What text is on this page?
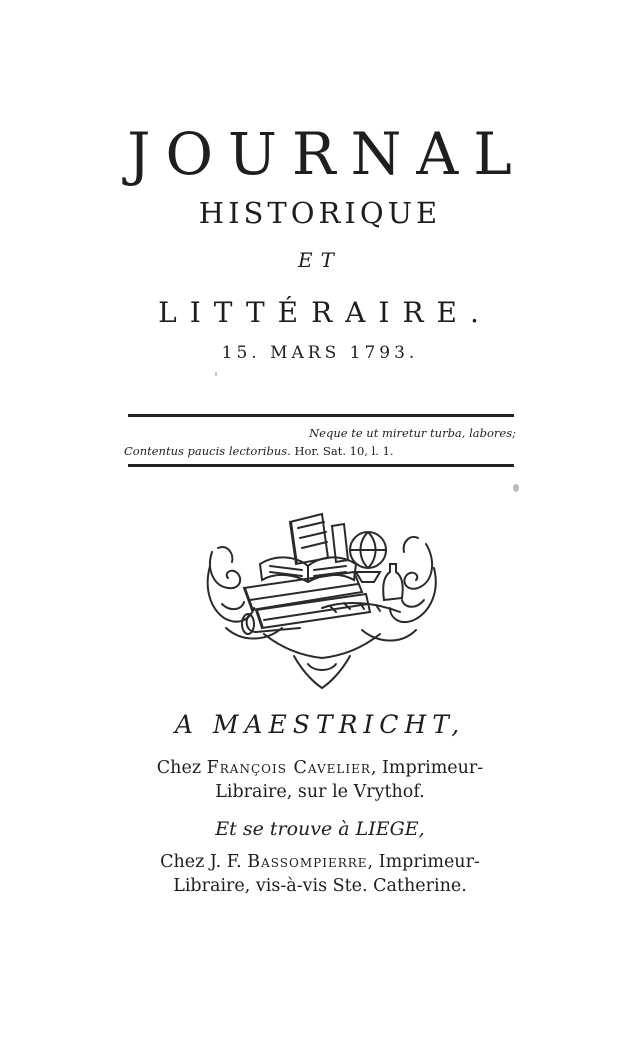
JOURNAL
HISTORIQUE
ET
LITTÉRAIRE.
15. MARS 1793.
Neque te ut miretur turba, labores;
Contentus paucis lectoribus. Hor. Sat. 10, l. 1.
A MAESTRICHT,
Chez François Cavelier, Imprimeur-
Libraire, sur le Vrythof.
Et se trouve à LIEGE,
Chez J. F. Bassompierre, Imprimeur-
Libraire, vis-à-vis Ste. Catherine.
